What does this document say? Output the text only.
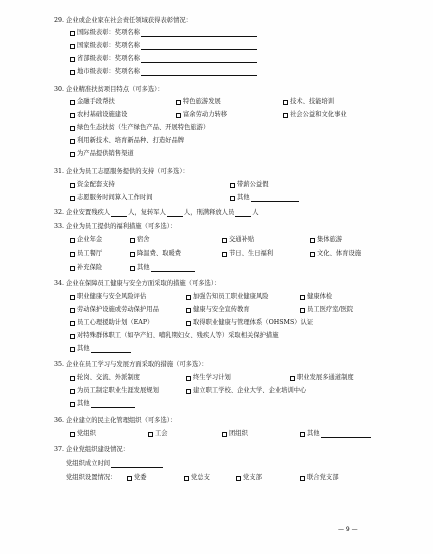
29. 企业或企业家在社会责任领域获得表彰情况：
国际级表彰：奖项名称
国家级表彰：奖项名称
省部级表彰：奖项名称
地市级表彰：奖项名称
30. 企业精准扶贫项目特点（可多选）：
金融手段帮扶	特色旅游发展	技术、技能培训
农村基础设施建设	富余劳动力转移	社会公益和文化事业
绿色生态扶贫（生产绿色产品、开展特色旅游）
利用新技术、培育新品种、打造好品牌
为产品提供销售渠道
31. 企业为员工志愿服务提供的支持（可多选）：
资金配套支持	带薪公益假
志愿服务时间算入工作时间	其他
32. 企业安置残疾人	人，复转军人	人，刑满释放人员	人
33. 企业为员工提供的福利措施（可多选）：
企业年金	宿舍	交通补贴	集体旅游
员工餐厅	降温费、取暖费	节日、生日福利	文化、体育设施
补充保险	其他
34. 企业在保障员工健康与安全方面采取的措施（可多选）：
职业健康与安全风险评估	加强告知员工职业健康风险	健康体检
劳动保护设施或劳动保护用品	健康与安全宣传教育	员工医疗室/医院
员工心理援助计划（EAP）	取得职业健康与管理体系（OHSMS）认证
对特殊群体职工（如孕产妇、哺乳期妇女、残疾人等）采取相关保护措施
其他
35. 企业在员工学习与发展方面采取的措施（可多选）：
轮岗、交流、外派制度	终生学习计划	职业发展多通道制度
为员工制定职业生涯发展规划	建立职工学校、企业大学、企业培训中心
其他
36. 企业建立的民主化管理组织（可多选）：
党组织	工会	团组织	其他
37. 企业党组织建设情况：
党组织成立时间
党组织设置情况：	党委	党总支	党支部	联合党支部
— 9 —
